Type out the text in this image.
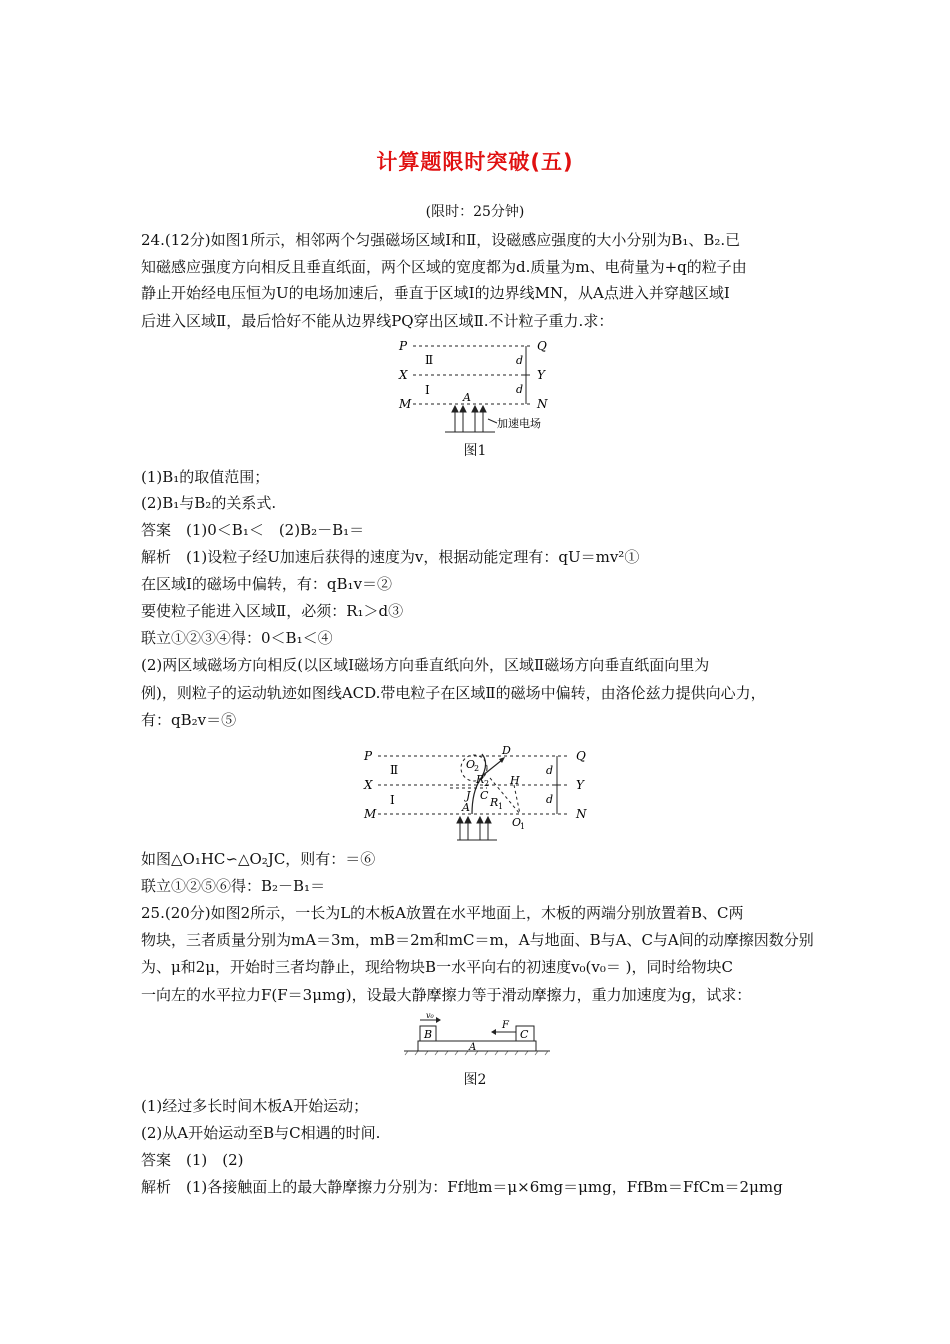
计算题限时突破(五)
(限时：25分钟)
24.(12分)如图1所示，相邻两个匀强磁场区域Ⅰ和Ⅱ，设磁感应强度的大小分别为B₁、B₂.已
知磁感应强度方向相反且垂直纸面，两个区域的宽度都为d.质量为m、电荷量为+q的粒子由
静止开始经电压恒为U的电场加速后，垂直于区域Ⅰ的边界线MN，从A点进入并穿越区域Ⅰ
后进入区域Ⅱ，最后恰好不能从边界线PQ穿出区域Ⅱ.不计粒子重力.求：
P	Q
X	Y
M	N
A
d
d
Ⅱ
Ⅰ
加速电场
图1
(1)B₁的取值范围；
(2)B₁与B₂的关系式.
答案　(1)0＜B₁＜　(2)B₂－B₁＝
解析　(1)设粒子经U加速后获得的速度为v，根据动能定理有：qU＝mv²①
在区域Ⅰ的磁场中偏转，有：qB₁v＝②
要使粒子能进入区域Ⅱ，必须：R₁＞d③
联立①②③④得：0＜B₁＜④
(2)两区域磁场方向相反(以区域Ⅰ磁场方向垂直纸向外，区域Ⅱ磁场方向垂直纸面向里为
例)，则粒子的运动轨迹如图线ACD.带电粒子在区域Ⅱ的磁场中偏转，由洛伦兹力提供向心力，
有：qB₂v＝⑤
P	Q
X	Y
M	N
Ⅱ
Ⅰ
D
O
2
R 2 H
J C
R 1
A
O
1
d
d
如图△O₁HC∽△O₂JC，则有：＝⑥
联立①②⑤⑥得：B₂－B₁＝
25.(20分)如图2所示，一长为L的木板A放置在水平地面上，木板的两端分别放置着B、C两
物块，三者质量分别为mA＝3m，mB＝2m和mC＝m，A与地面、B与A、C与A间的动摩擦因数分别
为、μ和2μ，开始时三者均静止，现给物块B一水平向右的初速度v₀(v₀＝ )，同时给物块C
一向左的水平拉力F(F＝3μmg)，设最大静摩擦力等于滑动摩擦力，重力加速度为g，试求：
B	C
A
F
v₀
图2
(1)经过多长时间木板A开始运动；
(2)从A开始运动至B与C相遇的时间.
答案　(1)　(2)
解析　(1)各接触面上的最大静摩擦力分别为：Ff地m＝μ×6mg＝μmg，FfBm＝FfCm＝2μmg
